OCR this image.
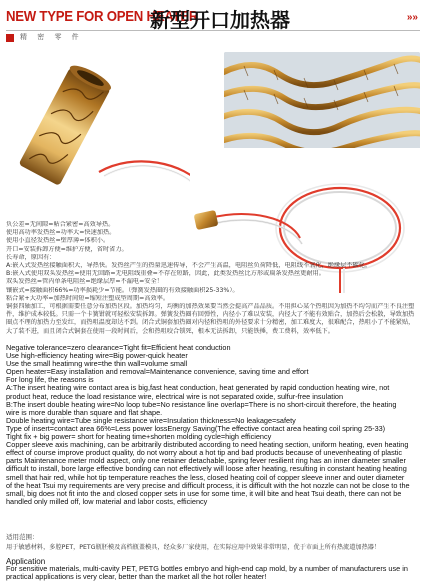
NEW TYPE FOR OPEN HEATER
新型开口加热器	»»
精 密 零 件
负公差=无间隙=帖合紧密=高效导热。
使用高功率发热丝=功率大=快速加热。
使用小直径发热丝=壁厚薄=体积小。
开口=安装拆卸方便=维护方便，省时省力。
长寿命，原因有：
A:嵌入式发热丝接触面积大，导热快。发热丝产生的热量迅速传导，不会产生高温，电阻丝负荷降低，电阻线不氧化，绝缘层不碳化。
B:嵌入式使用双头发热丝=使用无回路=无电阻线重叠=不存在短路，因此，此类发热丝比方形或扁条发热丝更耐用。
双头发热丝=管内单条电阻丝=绝缘层厚=不漏电=安全！
镶嵌式=接触面积66%=功率损耗少=节能。（弹簧发热圈的有效接触面积25-33%）。
粘合紧+大功率=加热时间短=缩短注塑成型周期=高效率。
铜套四轴加工，可根据需要任意分布加热区段。加热均匀，均衡的加热效果要当然会提高产品品质。不用担心某个热咀因为加热不均匀而产生不良注塑件，维护成本较低。只需一个卡簧钳就可轻松安装拆卸。弹簧发热圈有回弹性，内径小了难以安装，内径大了不能有效贴合，加热后会松散，导致加热圈点不理的加热力至发红，而热咀温度却达不到。闭合式铜套加热圈对内径和热咀的外径要求十分精密，加工难度大，很难配合，热咀小了不能紧贴，大了装不进，而且闭合式铜套在使用一段时间后，会和热咀咬合锁死，根本无法拆卸，只能铁捶，费工费料，效率低下。
Negative tolerance=zero clearance=Tight fit=Efficient heat conduction
Use high-efficiency heating wire=Big power-quick heater
Use the small heatimng wire=the thin wall=volume small
Open heater=Easy installation and removal=Maintenance convenience, saving time and effort
For long life, the reasons is
A:The insert heating wire contact area is big,fast heat conduction, heat generated by rapid conduction heating wire, not
product heat, reduce the load resistance wire, electrical wire is not separated oxide, sulfur-free insulation
B:The insert double heating wire=No loop tube=No resistance line overlap=There is no short-circuit therefore, the heating
wire is more durable than square and flat shape.
Double heating wire=Tube single resistance wire=Insulation thickness=No leakage=safety
Type of insert=contact area 66%=Less power lossEnergy Saving(The effective contact area heating coil spring 25-33)
Tight fix + big power= short for heating time+shorten molding cycle=high efficiency
Copper sleeve axis machining, can be arbitrarily distributed according to need heating section, uniform heating, even heating
effect of course improve product quality, do not worry about a hot tip and bad products because of unevenheating of plastic
parts Maintenance meter mold aspect, only one retainer detachable, spring fever resilient ring has an inner diameter smaller
difficult to install, bore large effective bonding can not effectively will loose after heating, resulting in constant heating heating
smell that hair red, while hot tip temperature reaches the less, closed heating coil of copper sleeve inner and outer diameter
of the heat Tsui my requirements are very precise and difficult process, it is difficult with the hot nozzle can not be close to the
small, big does not fit into the and closed copper sets in use for some time, it will bite and heat Tsui death, there can not be
handled only milled off, low material and labor costs, efficiency
适用范围：
用于敏感材料，多腔PET，PETG瓶胚模及高档瓶盖模具，经众多厂家使用，在实际应用中效果非常明显，优于市面上所有热流道加热器！
Application
For sensitive materials, multi-cavity PET, PETG bottles embryo and high-end cap mold, by a number of manufacturers use in practical applications is very clear, better than the market all the hot roller heater!
